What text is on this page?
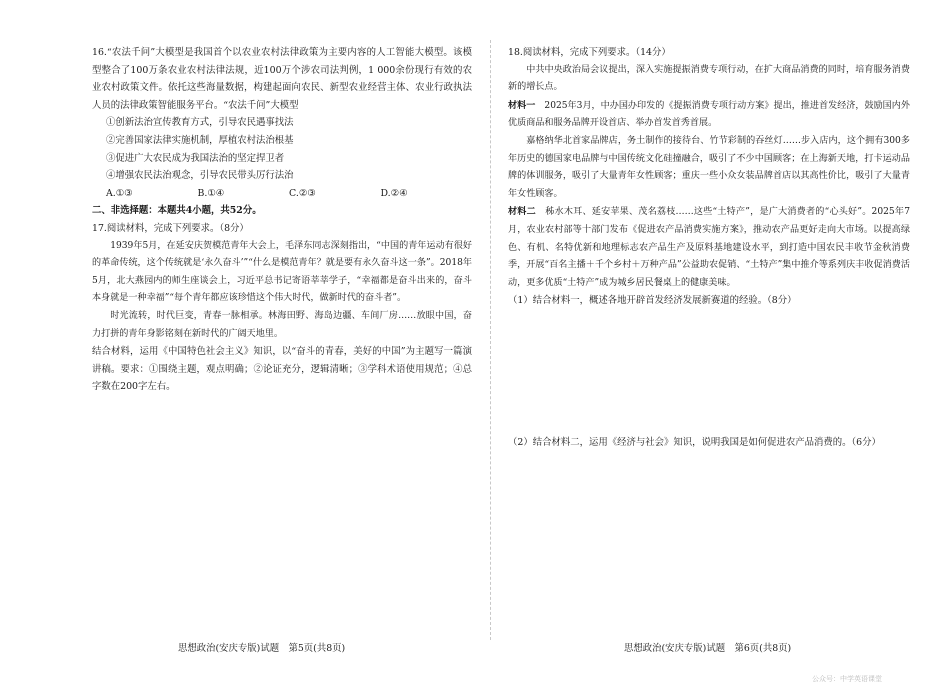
16.“农法千问”大模型是我国首个以农业农村法律政策为主要内容的人工智能大模型。该模型整合了100万条农业农村法律法规，近100万个涉农司法判例，1 000余份现行有效的农业农村政策文件。依托这些海量数据，构建起面向农民、新型农业经营主体、农业行政执法人员的法律政策智能服务平台。“农法千问”大模型

①创新法治宣传教育方式，引导农民遇事找法

②完善国家法律实施机制，厚植农村法治根基

③促进广大农民成为我国法治的坚定捍卫者

④增强农民法治观念，引导农民带头厉行法治

A.①③	B.①④	C.②③	D.②④

二、非选择题：本题共4小题，共52分。

17.阅读材料，完成下列要求。（8分）

1939年5月，在延安庆贺模范青年大会上，毛泽东同志深刻指出，“中国的青年运动有很好的革命传统，这个传统就是‘永久奋斗’”“什么是模范青年？就是要有永久奋斗这一条”。2018年5月，北大燕园内的师生座谈会上，习近平总书记寄语莘莘学子，“幸福都是奋斗出来的，奋斗本身就是一种幸福”“每个青年都应该珍惜这个伟大时代，做新时代的奋斗者”。

时光流转，时代巨变，青春一脉相承。林海田野、海岛边疆、车间厂房……放眼中国，奋力打拼的青年身影铭刻在新时代的广阔天地里。

结合材料，运用《中国特色社会主义》知识，以“奋斗的青春，美好的中国”为主题写一篇演讲稿。要求：①围绕主题，观点明确；②论证充分，逻辑清晰；③学科术语使用规范；④总字数在200字左右。

18.阅读材料，完成下列要求。（14分）

中共中央政治局会议提出，深入实施提振消费专项行动，在扩大商品消费的同时，培育服务消费新的增长点。

材料一　 2025年3月，中办国办印发的《提振消费专项行动方案》提出，推进首发经济，鼓励国内外优质商品和服务品牌开设首店、举办首发首秀首展。

嘉格纳华北首家品牌店，务土制作的接待台、竹节彩制的吞丝灯……步入店内，这个拥有300多年历史的德国家电品牌与中国传统文化硅撞融合，吸引了不少中国顾客；在上海新天地，打卡运动品牌的体训服务，吸引了大量青年女性顾客；重庆一些小众女装品牌首店以其高性价比，吸引了大量青年女性顾客。

材料二　 秭水木耳、延安苹果、茂名荔枝……这些“土特产”，是广大消费者的“心头好”。2025年7月，农业农村部等十部门发布《促进农产品消费实施方案》，推动农产品更好走向大市场。以提高绿色、有机、名特优新和地理标志农产品生产及原料基地建设水平，到打造中国农民丰收节金秋消费季，开展“百名主播＋千个乡村＋万种产品”公益助农促销、“土特产”集中推介等系列庆丰收促消费活动，更多优质“土特产”成为城乡居民餐桌上的健康美味。

（1）结合材料一，概述各地开辟首发经济发展新赛道的经验。（8分）

（2）结合材料二，运用《经济与社会》知识，说明我国是如何促进农产品消费的。（6分）

思想政治(安庆专版)试题　第5页(共8页)	思想政治(安庆专版)试题　第6页(共8页)
公众号：中学英语课堂
